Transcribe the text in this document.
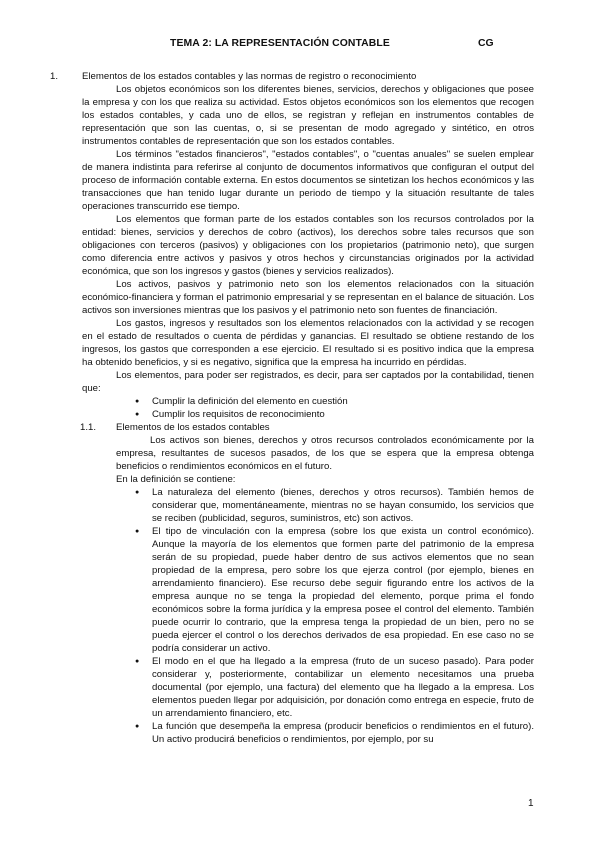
TEMA 2: LA REPRESENTACIÓN CONTABLE	CG
1. Elementos de los estados contables y las normas de registro o reconocimiento

Los objetos económicos son los diferentes bienes, servicios, derechos y obligaciones que posee la empresa y con los que realiza su actividad. Estos objetos económicos son los elementos que recogen los estados contables, y cada uno de ellos, se registran y reflejan en instrumentos contables de representación que son las cuentas, o, si se presentan de modo agregado y sintético, en otros instrumentos contables de representación que son los estados contables.

Los términos "estados financieros", "estados contables", o "cuentas anuales" se suelen emplear de manera indistinta para referirse al conjunto de documentos informativos que configuran el output del proceso de información contable externa. En estos documentos se sintetizan los hechos económicos y las transacciones que han tenido lugar durante un periodo de tiempo y la situación resultante de tales operaciones transcurrido ese tiempo.

Los elementos que forman parte de los estados contables son los recursos controlados por la entidad: bienes, servicios y derechos de cobro (activos), los derechos sobre tales recursos que son obligaciones con terceros (pasivos) y obligaciones con los propietarios (patrimonio neto), que surgen como diferencia entre activos y pasivos y otros hechos y circunstancias originados por la actividad económica, que son los ingresos y gastos (bienes y servicios realizados).

Los activos, pasivos y patrimonio neto son los elementos relacionados con la situación económico-financiera y forman el patrimonio empresarial y se representan en el balance de situación. Los activos son inversiones mientras que los pasivos y el patrimonio neto son fuentes de financiación.

Los gastos, ingresos y resultados son los elementos relacionados con la actividad y se recogen en el estado de resultados o cuenta de pérdidas y ganancias. El resultado se obtiene restando de los ingresos, los gastos que corresponden a ese ejercicio. El resultado si es positivo indica que la empresa ha obtenido beneficios, y si es negativo, significa que la empresa ha incurrido en pérdidas.

Los elementos, para poder ser registrados, es decir, para ser captados por la contabilidad, tienen que:

● Cumplir la definición del elemento en cuestión
● Cumplir los requisitos de reconocimiento
1.1.	Elementos de los estados contables

Los activos son bienes, derechos y otros recursos controlados económicamente por la empresa, resultantes de sucesos pasados, de los que se espera que la empresa obtenga beneficios o rendimientos económicos en el futuro.

En la definición se contiene:

● La naturaleza del elemento (bienes, derechos y otros recursos). También hemos de considerar que, momentáneamente, mientras no se hayan consumido, los servicios que se reciben (publicidad, seguros, suministros, etc) son activos.
● El tipo de vinculación con la empresa (sobre los que exista un control económico). Aunque la mayoría de los elementos que formen parte del patrimonio de la empresa serán de su propiedad, puede haber dentro de sus activos elementos que no sean propiedad de la empresa, pero sobre los que ejerza control (por ejemplo, bienes en arrendamiento financiero). Ese recurso debe seguir figurando entre los activos de la empresa aunque no se tenga la propiedad del elemento, porque prima el fondo económicos sobre la forma jurídica y la empresa posee el control del elemento. También puede ocurrir lo contrario, que la empresa tenga la propiedad de un bien, pero no se pueda ejercer el control o los derechos derivados de esa propiedad. En ese caso no se podría considerar un activo.
● El modo en el que ha llegado a la empresa (fruto de un suceso pasado). Para poder considerar y, posteriormente, contabilizar un elemento necesitamos una prueba documental (por ejemplo, una factura) del elemento que ha llegado a la empresa. Los elementos pueden llegar por adquisición, por donación como entrega en especie, fruto de un arrendamiento financiero, etc.
● La función que desempeña la empresa (producir beneficios o rendimientos en el futuro). Un activo producirá beneficios o rendimientos, por ejemplo, por su
1
